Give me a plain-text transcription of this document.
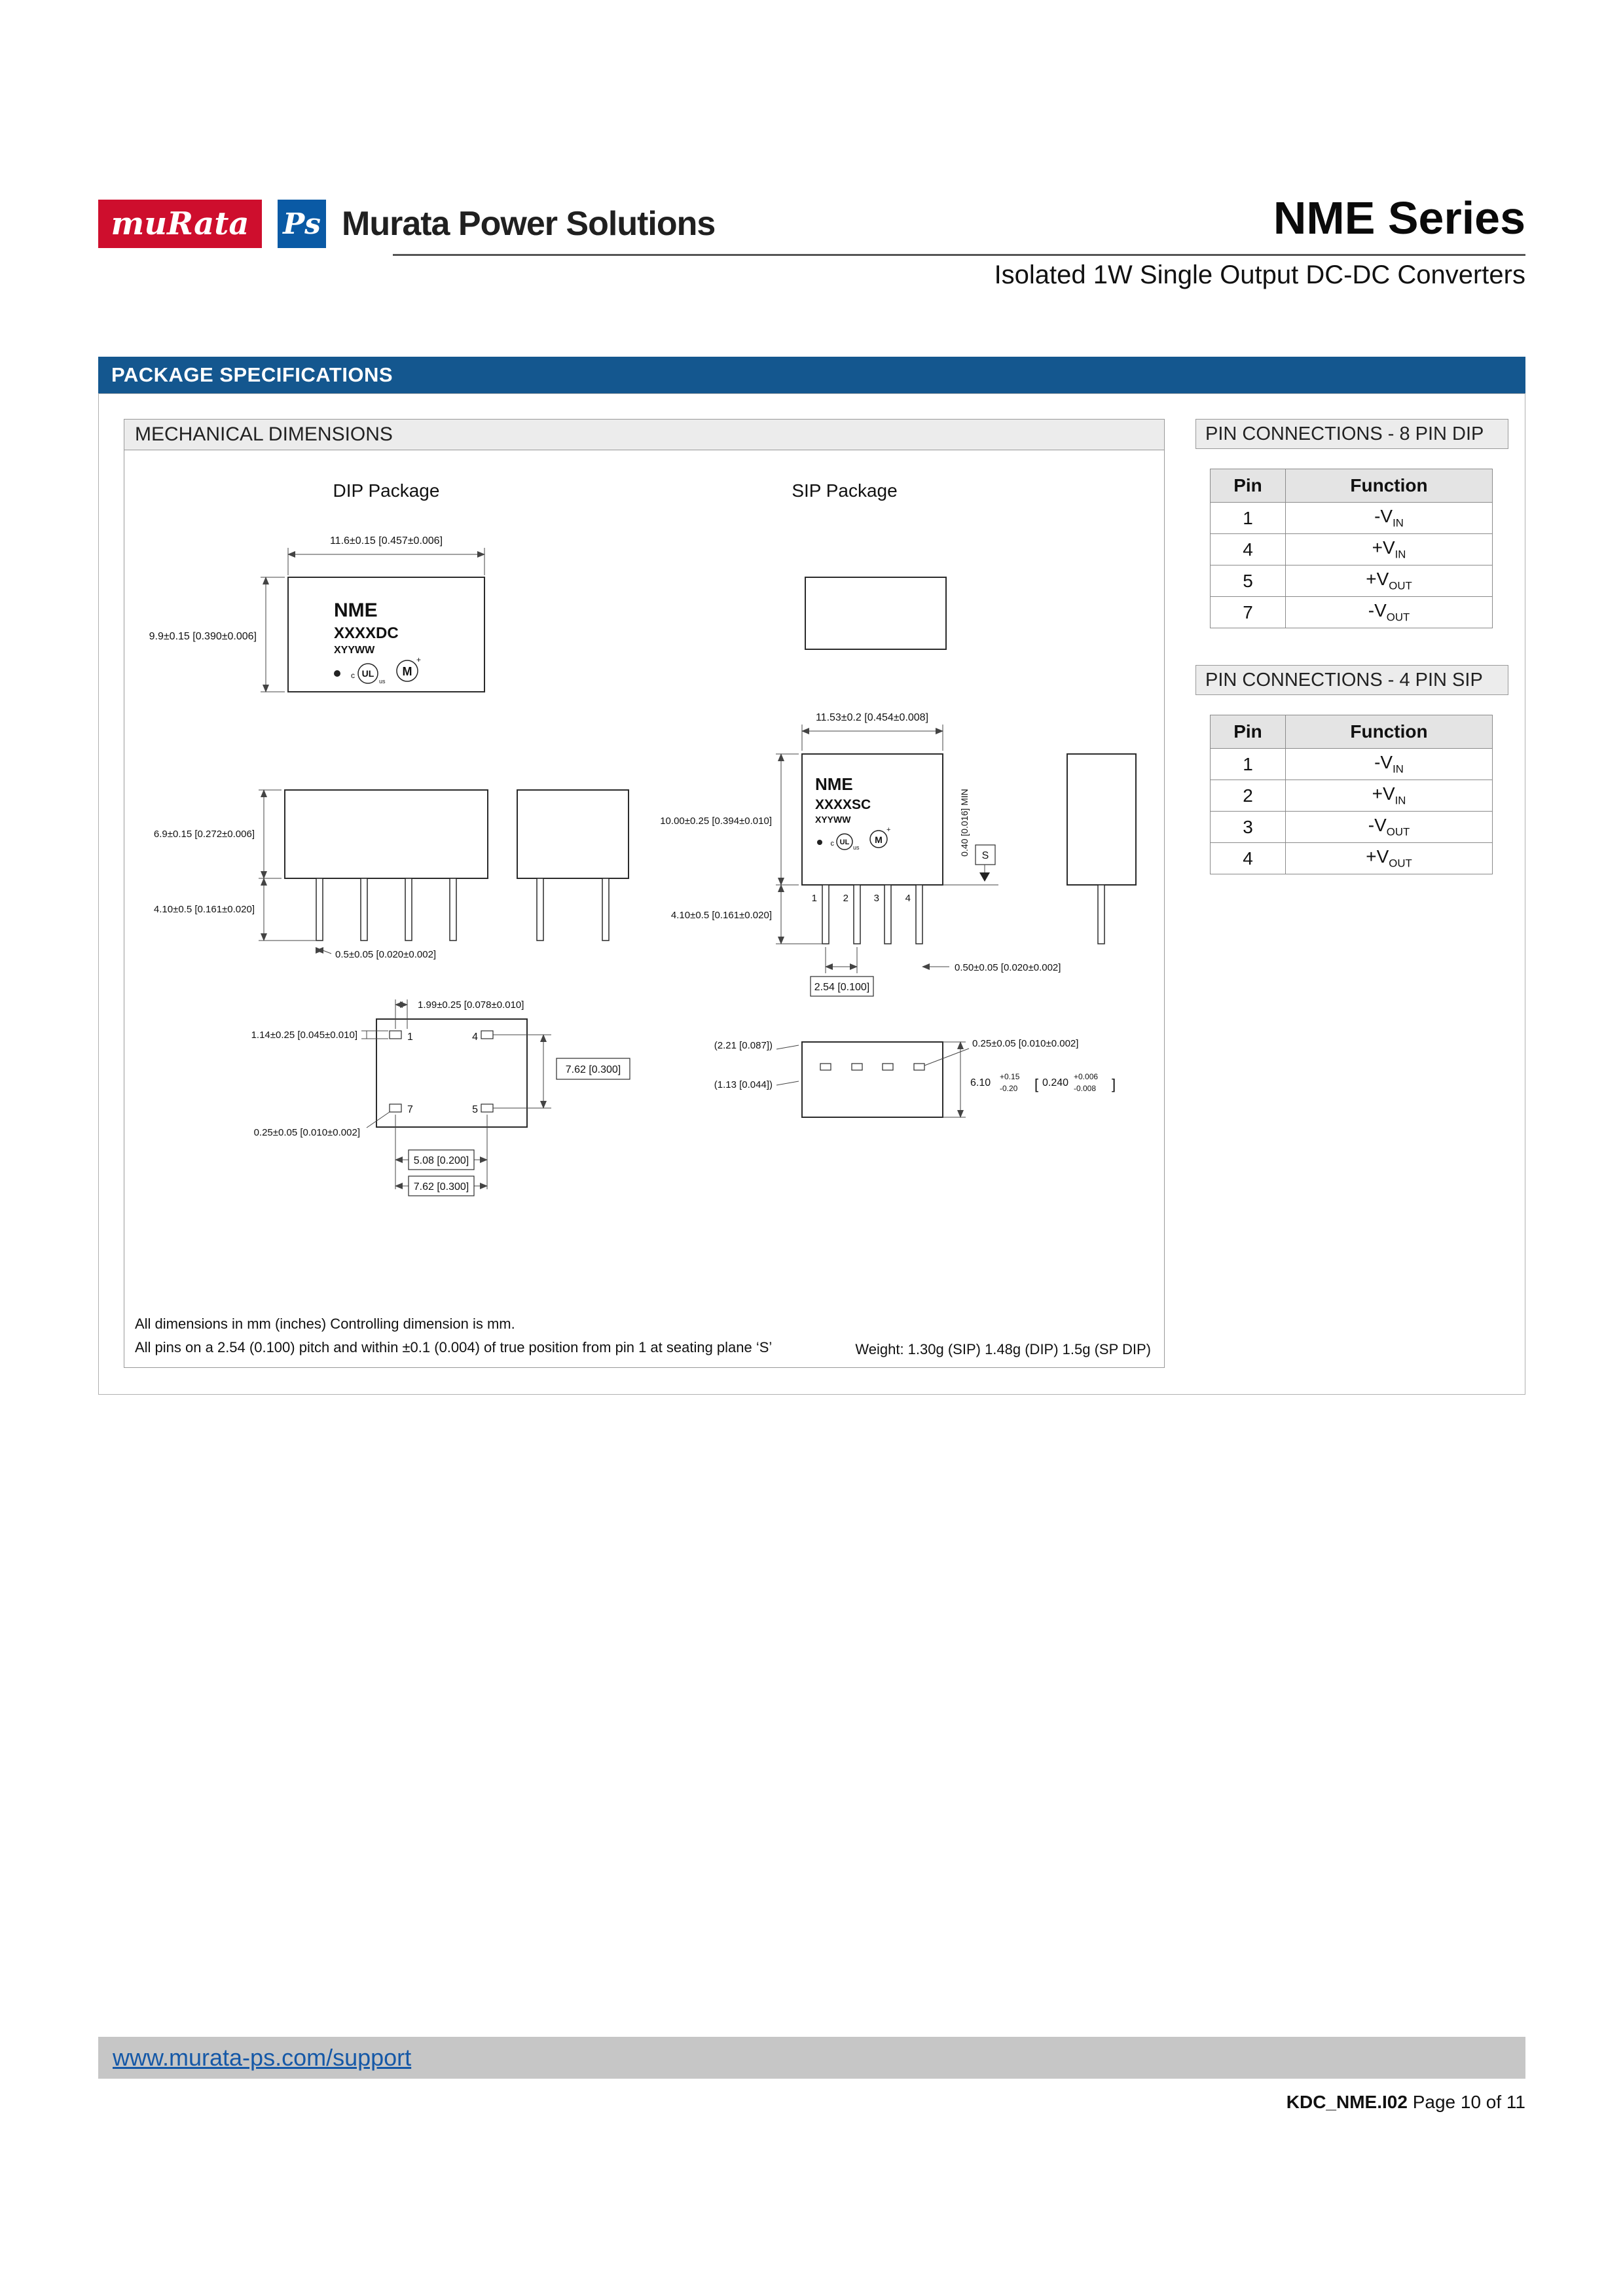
muRata Ps Murata Power Solutions	NME Series
Isolated 1W Single Output DC-DC Converters
PACKAGE SPECIFICATIONS
MECHANICAL DIMENSIONS
DIP Package	SIP Package
NME
XXXXDC
XYYWW
c UL
us
M
+
11.6±0.15 [0.457±0.006]
9.9±0.15 [0.390±0.006]
6.9±0.15 [0.272±0.006]
4.10±0.5 [0.161±0.020]
0.5±0.05 [0.020±0.002]
1	4
7	5
1.99±0.25 [0.078±0.010]
1.14±0.25 [0.045±0.010]
7.62 [0.300]
0.25±0.05 [0.010±0.002]
5.08 [0.200]
7.62 [0.300]
11.53±0.2 [0.454±0.008]
NME
XXXXSC
XYYWW
c UL
us
M
+
1	2	3	4
10.00±0.25 [0.394±0.010]
4.10±0.5 [0.161±0.020]
0.40 [0.016] MIN S
2.54 [0.100]
0.50±0.05 [0.020±0.002]
(2.21 [0.087])
(1.13 [0.044])
0.25±0.05 [0.010±0.002]
6.10
+0.15
-0.20 [ 0.240
+0.006
-0.008 ]
All dimensions in mm (inches) Controlling dimension is mm.
All pins on a 2.54 (0.100) pitch and within ±0.1 (0.004) of true position from pin 1 at seating plane ‘S’	Weight: 1.30g (SIP) 1.48g (DIP) 1.5g (SP DIP)
PIN CONNECTIONS - 8 PIN DIP
Pin	Function
1	$-V_{IN}$
4	$+V_{IN}$
5	$+V_{OUT}$
7	$-V_{OUT}$
PIN CONNECTIONS - 4 PIN SIP
Pin	Function
1	$-V_{IN}$
2	$+V_{IN}$
3	$-V_{OUT}$
4	$+V_{OUT}$
www.murata-ps.com/support
KDC_NME.I02 Page 10 of 11
